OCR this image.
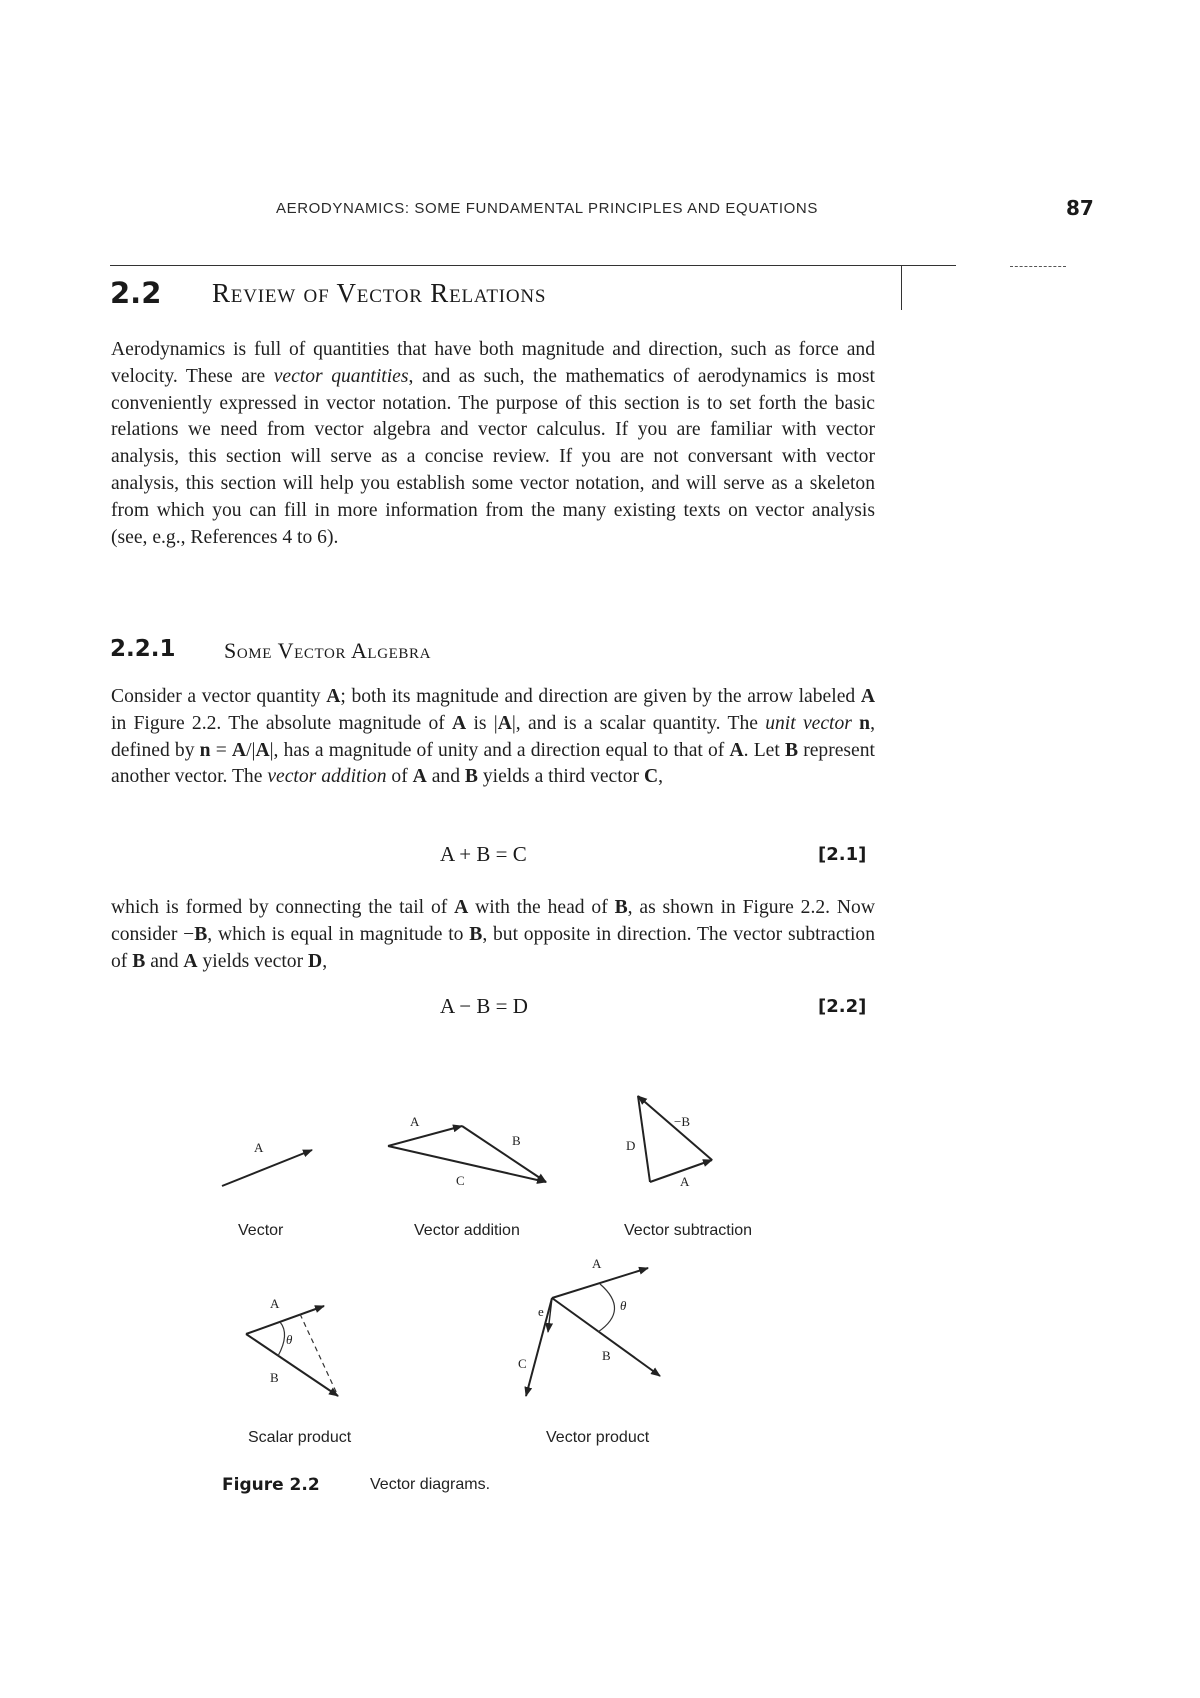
AERODYNAMICS: SOME FUNDAMENTAL PRINCIPLES AND EQUATIONS	87
2.2 Review of Vector Relations

Aerodynamics is full of quantities that have both magnitude and direction, such as force and velocity. These are vector quantities, and as such, the mathematics of aerodynamics is most conveniently expressed in vector notation. The purpose of this section is to set forth the basic relations we need from vector algebra and vector calculus. If you are familiar with vector analysis, this section will serve as a concise review. If you are not conversant with vector analysis, this section will help you establish some vector notation, and will serve as a skeleton from which you can fill in more information from the many existing texts on vector analysis (see, e.g., References 4 to 6).

2.2.1 Some Vector Algebra

Consider a vector quantity A; both its magnitude and direction are given by the arrow labeled A in Figure 2.2. The absolute magnitude of A is |A|, and is a scalar quantity. The unit vector n, defined by n = A/|A|, has a magnitude of unity and a direction equal to that of A. Let B represent another vector. The vector addition of A and B yields a third vector C,

A + B = C	[2.1]

which is formed by connecting the tail of A with the head of B, as shown in Figure 2.2. Now consider −B, which is equal in magnitude to B, but opposite in direction. The vector subtraction of B and A yields vector D,

A − B = D	[2.2]
A
Vector
A
B
C
Vector addition
−B
D
A
Vector subtraction
A
θ
B
Scalar product
A
θ
e
B
C
Vector product
Figure 2.2	Vector diagrams.
